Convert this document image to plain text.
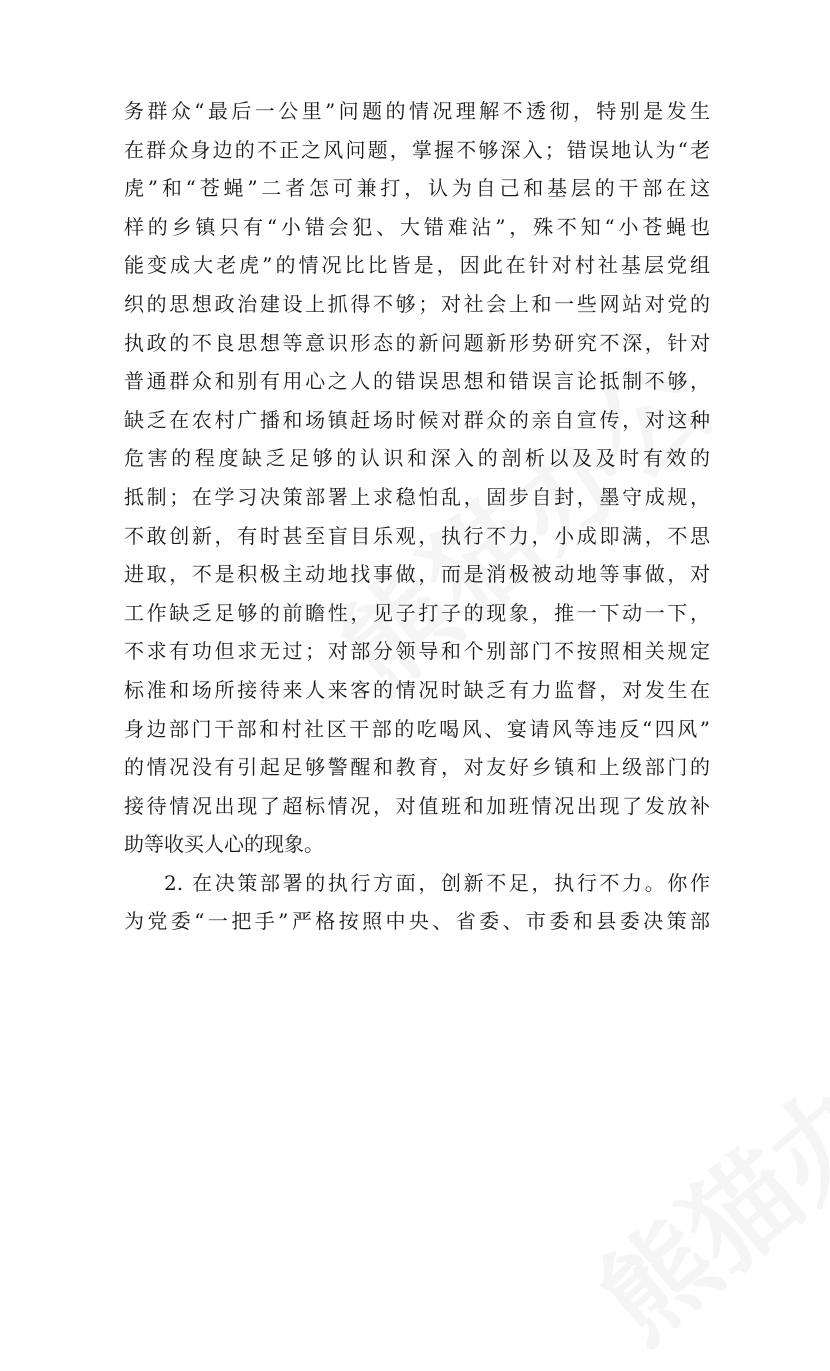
务群众“最后一公里”问题的情况理解不透彻，特别是发生
在群众身边的不正之风问题，掌握不够深入；错误地认为“老
虎”和“苍蝇”二者怎可兼打，认为自己和基层的干部在这
样的乡镇只有“小错会犯、大错难沾”，殊不知“小苍蝇也
能变成大老虎”的情况比比皆是，因此在针对村社基层党组
织的思想政治建设上抓得不够；对社会上和一些网站对党的
执政的不良思想等意识形态的新问题新形势研究不深，针对
普通群众和别有用心之人的错误思想和错误言论抵制不够，
缺乏在农村广播和场镇赶场时候对群众的亲自宣传，对这种
危害的程度缺乏足够的认识和深入的剖析以及及时有效的
抵制；在学习决策部署上求稳怕乱，固步自封，墨守成规，
不敢创新，有时甚至盲目乐观，执行不力，小成即满，不思
进取，不是积极主动地找事做，而是消极被动地等事做，对
工作缺乏足够的前瞻性，见子打子的现象，推一下动一下，
不求有功但求无过；对部分领导和个别部门不按照相关规定
标准和场所接待来人来客的情况时缺乏有力监督，对发生在
身边部门干部和村社区干部的吃喝风、宴请风等违反“四风”
的情况没有引起足够警醒和教育，对友好乡镇和上级部门的
接待情况出现了超标情况，对值班和加班情况出现了发放补
助等收买人心的现象。
2. 在决策部署的执行方面，创新不足，执行不力。你作
为党委“一把手”严格按照中央、省委、市委和县委决策部
